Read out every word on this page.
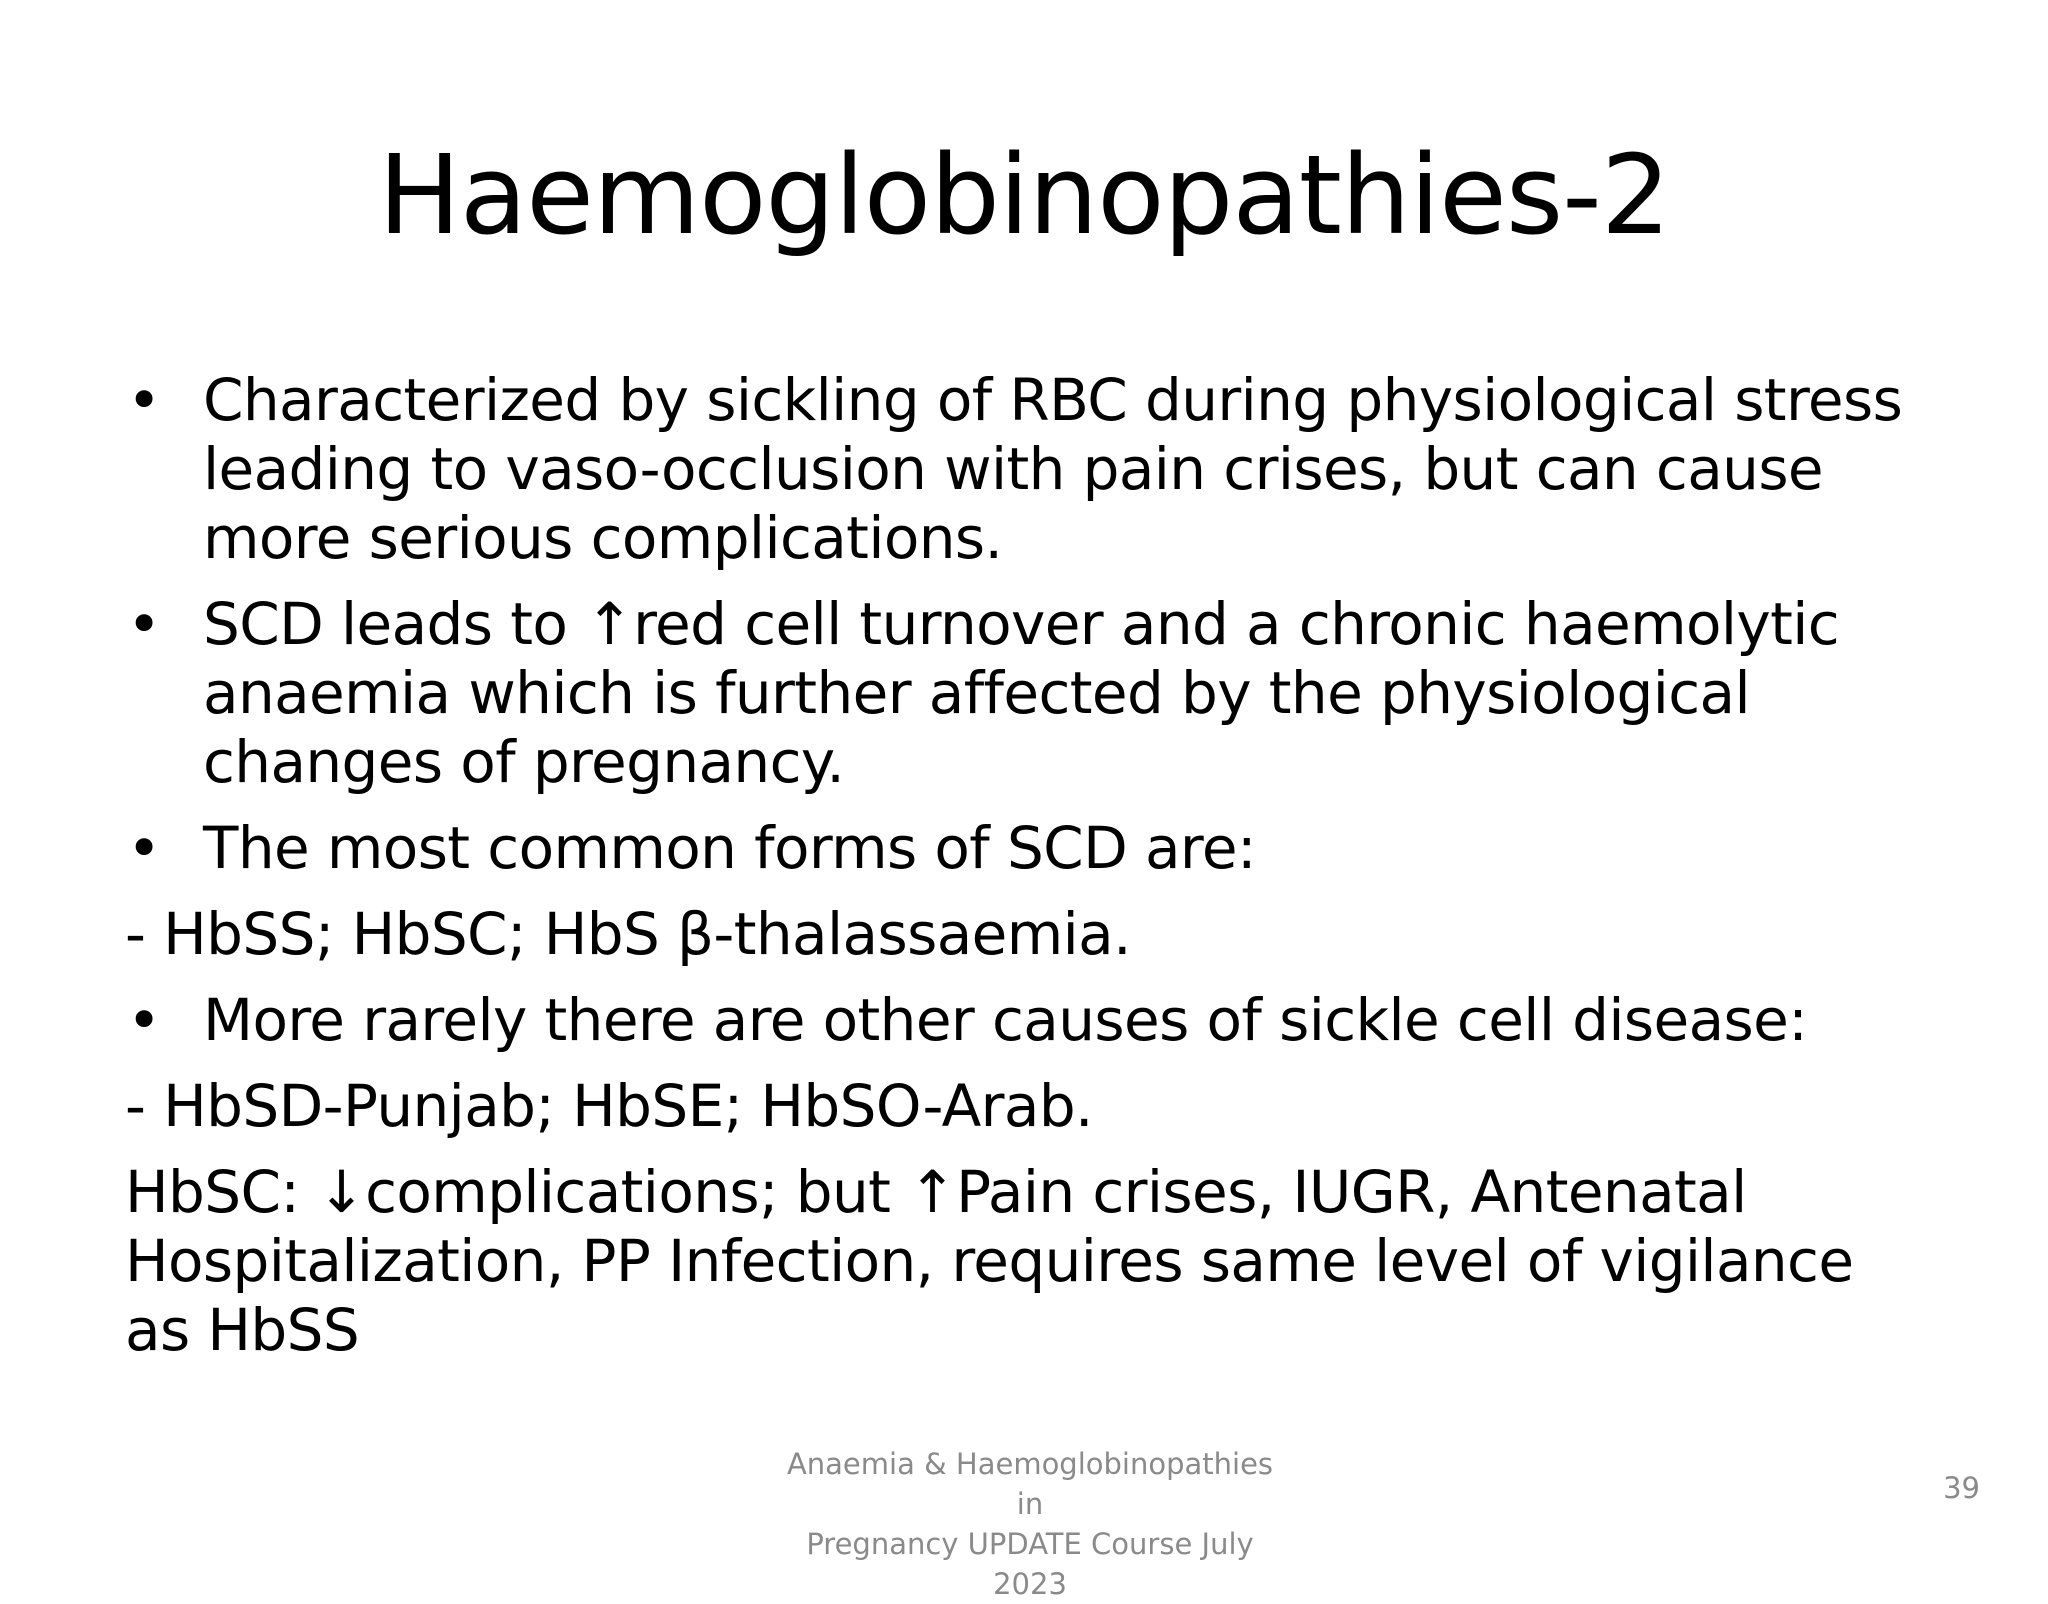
Haemoglobinopathies-2
• Characterized by sickling of RBC during physiological stress
leading to vaso-occlusion with pain crises, but can cause
more serious complications.
• SCD leads to ↑red cell turnover and a chronic haemolytic
anaemia which is further affected by the physiological
changes of pregnancy.
• The most common forms of SCD are:
- HbSS; HbSC; HbS β-thalassaemia.
• More rarely there are other causes of sickle cell disease:
- HbSD-Punjab; HbSE; HbSO-Arab.
HbSC: ↓complications; but ↑Pain crises, IUGR, Antenatal
Hospitalization, PP Infection, requires same level of vigilance
as HbSS
Anaemia & Haemoglobinopathies in
Pregnancy UPDATE Course July 2023
39
